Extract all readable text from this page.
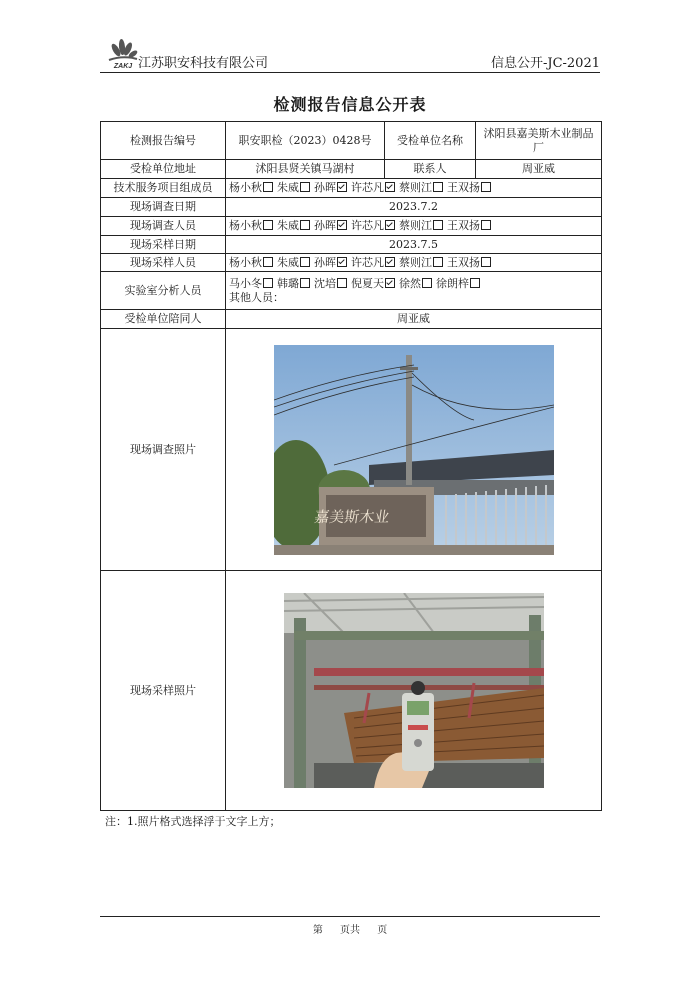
ZAKJ 江苏职安科技有限公司	信息公开-JC-2021
检测报告信息公开表
检测报告编号	职安职检（2023）0428号	受检单位名称	沭阳县嘉美斯木业制品厂
受检单位地址	沭阳县贤关镇马湖村	联系人	周亚威
技术服务项目组成员	杨小秋 朱威 孙晖 许芯凡 蔡则江 王双扬		
现场调查日期	2023.7.2		
现场调查人员	杨小秋 朱威 孙晖 许芯凡 蔡则江 王双扬		
现场采样日期	2023.7.5		
现场采样人员	杨小秋 朱威 孙晖 许芯凡 蔡则江 王双扬		
实验室分析人员	马小冬 韩璐 沈培 倪夏天 徐然 徐朗梓
其他人员：		

受检单位陪同人	周亚威		
现场调查照片	嘉美斯木业		

现场采样照片	
注：1.照片格式选择浮于文字上方；
第 页共 页
